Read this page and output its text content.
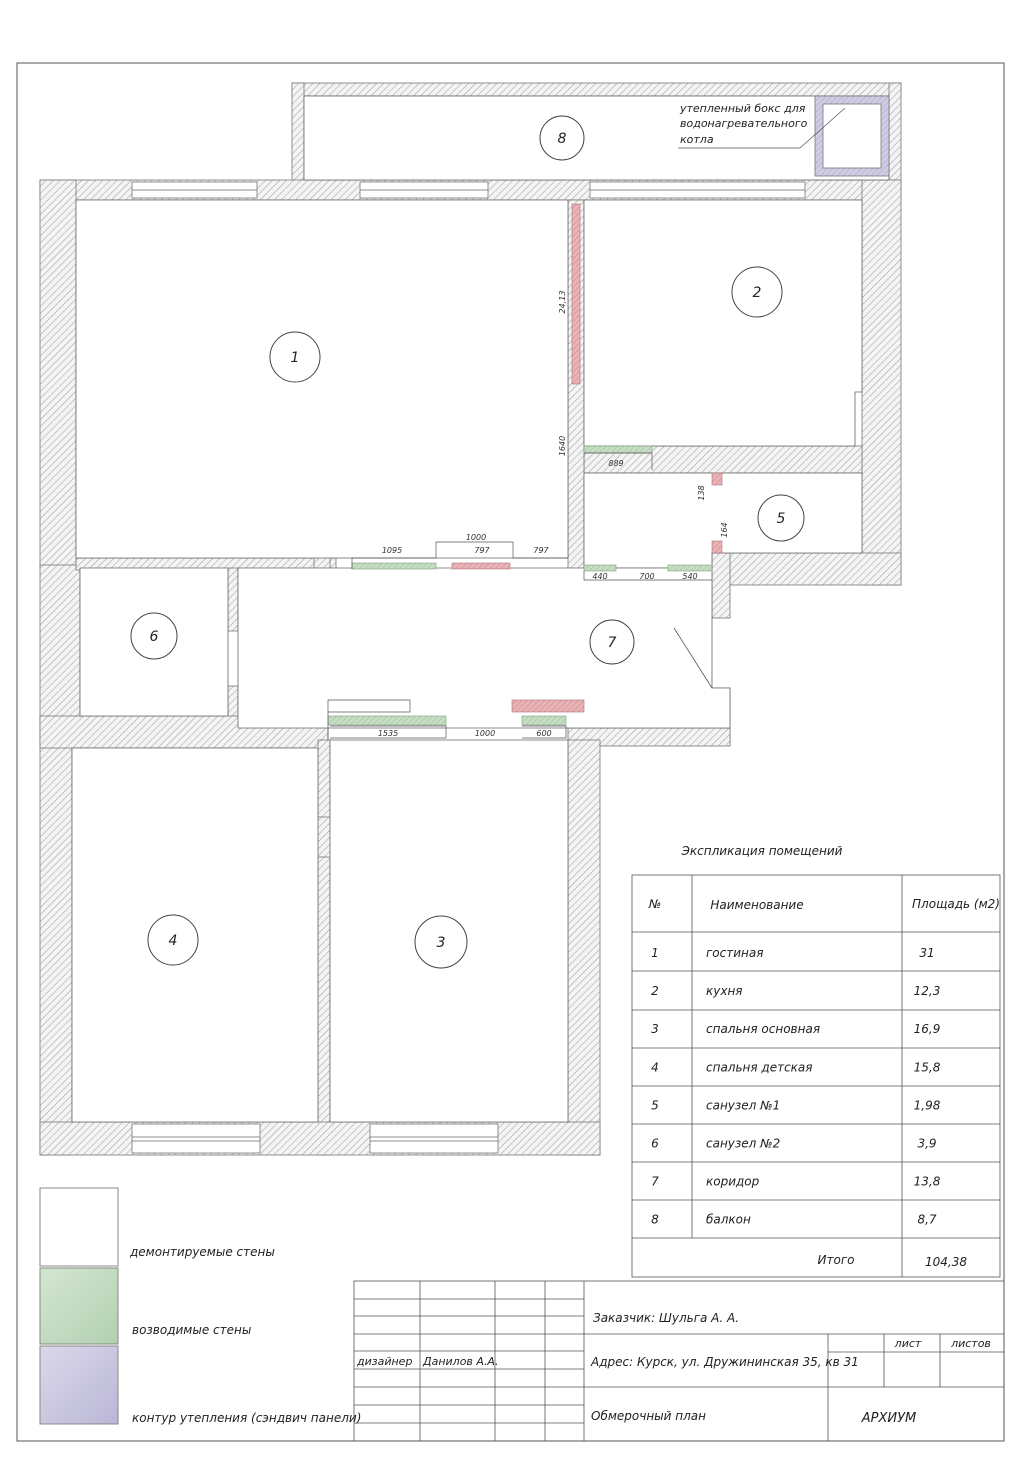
1
2
3
4
5
6	7
8
утепленный бокс для
водонагревательного
котла
1095	797
1000
797
24,13
1640
889
138
164
440	700	540
1535	1000	600
Экспликация помещений
№	Наименование	Площадь (м2)
1	гостиная	31
2	кухня	12,3
3	спальня основная	16,9
4	спальня детская	15,8
5	санузел №1	1,98
6	санузел №2	3,9
7	коридор	13,8
8	балкон	8,7
Итого	104,38
демонтируемые стены
возводимые стены
контур утепления (сэндвич панели)
Заказчик: Шульга А. А.
дизайнер Данилов А.А.	Адрес: Курск, ул. Дружининская 35, кв 31
лист	листов
Обмерочный план	АРХИУМ
